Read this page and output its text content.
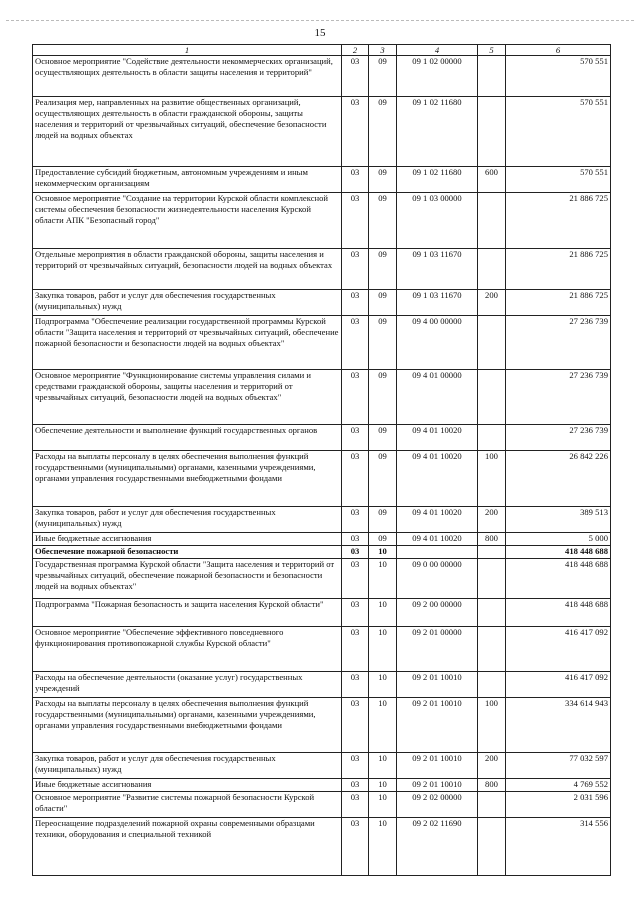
15
1	2	3	4	5	6
Основное мероприятие "Содействие деятельности некоммерческих организаций, осуществляющих деятельность в области защиты населения и территорий"	03	09	09 1 02 00000		570 551
Реализация мер, направленных на развитие общественных организаций, осуществляющих деятельность в области гражданской обороны, защиты населения и территорий от чрезвычайных ситуаций, обеспечение безопасности людей на водных объектах	03	09	09 1 02 11680		570 551
Предоставление субсидий бюджетным, автономным учреждениям и иным некоммерческим организациям	03	09	09 1 02 11680	600	570 551
Основное мероприятие "Создание на территории Курской области комплексной системы обеспечения безопасности жизнедеятельности населения Курской области АПК "Безопасный город"	03	09	09 1 03 00000		21 886 725
Отдельные мероприятия в области гражданской обороны, защиты населения и территорий от чрезвычайных ситуаций, безопасности людей на водных объектах	03	09	09 1 03 11670		21 886 725
Закупка товаров, работ и услуг для обеспечения государственных (муниципальных) нужд	03	09	09 1 03 11670	200	21 886 725
Подпрограмма "Обеспечение реализации государственной программы Курской области "Защита населения и территорий от чрезвычайных ситуаций, обеспечение пожарной безопасности и безопасности людей на водных объектах"	03	09	09 4 00 00000		27 236 739
Основное мероприятие "Функционирование системы управления силами и средствами гражданской обороны, защиты населения и территорий от чрезвычайных ситуаций, безопасности людей на водных объектах"	03	09	09 4 01 00000		27 236 739
Обеспечение деятельности и выполнение функций государственных органов	03	09	09 4 01 10020		27 236 739
Расходы на выплаты персоналу в целях обеспечения выполнения функций государственными (муниципальными) органами, казенными учреждениями, органами управления государственными внебюджетными фондами	03	09	09 4 01 10020	100	26 842 226
Закупка товаров, работ и услуг для обеспечения государственных (муниципальных) нужд	03	09	09 4 01 10020	200	389 513
Иные бюджетные ассигнования	03	09	09 4 01 10020	800	5 000
Обеспечение пожарной безопасности	03	10			418 448 688
Государственная программа Курской области "Защита населения и территорий от чрезвычайных ситуаций, обеспечение пожарной безопасности и безопасности людей на водных объектах"	03	10	09 0 00 00000		418 448 688
Подпрограмма "Пожарная безопасность и защита населения Курской области"	03	10	09 2 00 00000		418 448 688
Основное мероприятие "Обеспечение эффективного повседневного функционирования противопожарной службы Курской области"	03	10	09 2 01 00000		416 417 092
Расходы на обеспечение деятельности (оказание услуг) государственных учреждений	03	10	09 2 01 10010		416 417 092
Расходы на выплаты персоналу в целях обеспечения выполнения функций государственными (муниципальными) органами, казенными учреждениями, органами управления государственными внебюджетными фондами	03	10	09 2 01 10010	100	334 614 943
Закупка товаров, работ и услуг для обеспечения государственных (муниципальных) нужд	03	10	09 2 01 10010	200	77 032 597
Иные бюджетные ассигнования	03	10	09 2 01 10010	800	4 769 552
Основное мероприятие "Развитие системы пожарной безопасности Курской области"	03	10	09 2 02 00000		2 031 596
Переоснащение подразделений пожарной охраны современными образцами техники, оборудования и специальной техникой	03	10	09 2 02 11690		314 556
